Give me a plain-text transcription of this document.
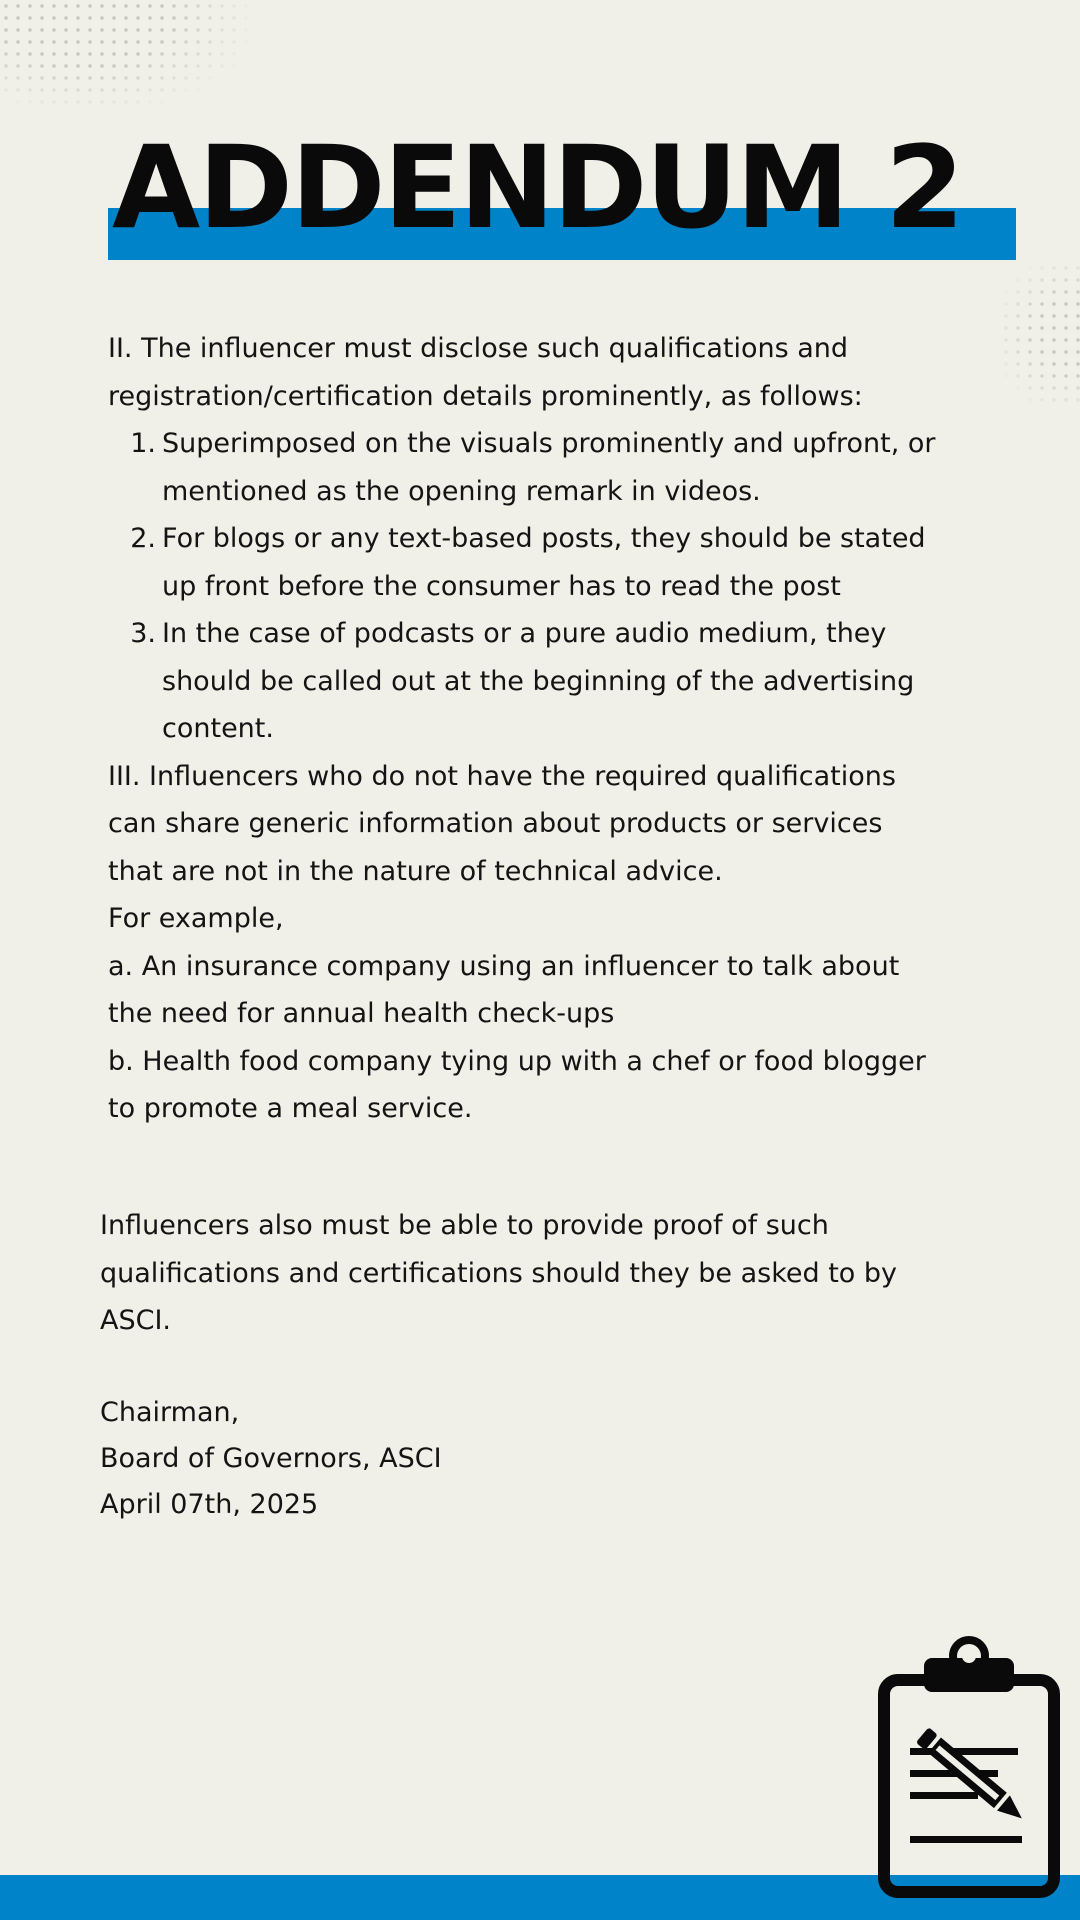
ADDENDUM 2

II. The influencer must disclose such qualifications and registration/certification details prominently, as follows:

1. Superimposed on the visuals prominently and upfront, or mentioned as the opening remark in videos.
2. For blogs or any text-based posts, they should be stated up front before the consumer has to read the post
3. In the case of podcasts or a pure audio medium, they should be called out at the beginning of the advertising content.

III. Influencers who do not have the required qualifications can share generic information about products or services that are not in the nature of technical advice.

For example,

a. An insurance company using an influencer to talk about the need for annual health check-ups

b. Health food company tying up with a chef or food blogger to promote a meal service.

Influencers also must be able to provide proof of such qualifications and certifications should they be asked to by ASCI.

Chairman,
Board of Governors, ASCI
April 07th, 2025
